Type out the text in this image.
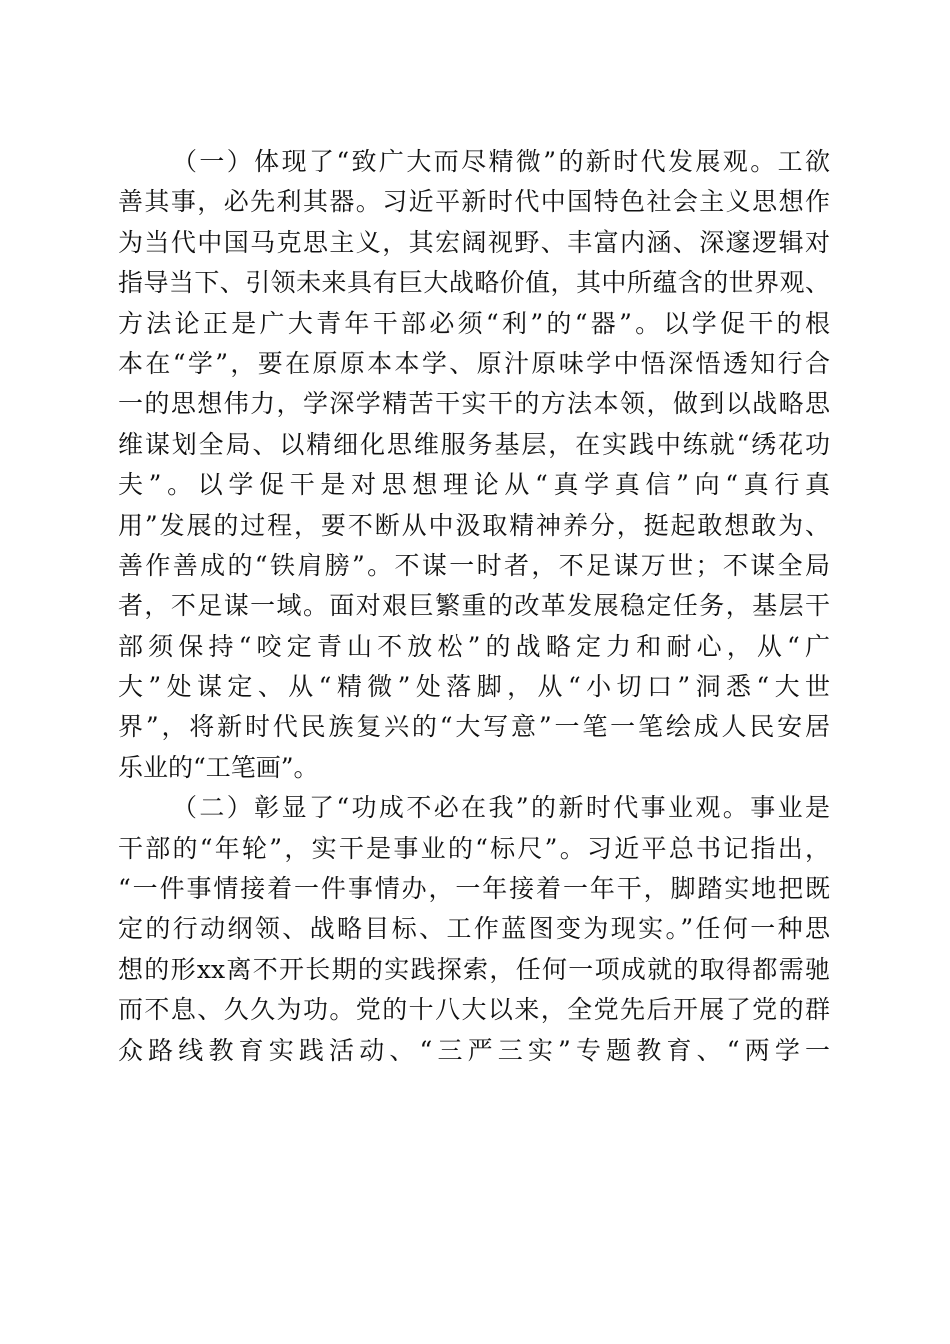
（一）体现了“致广大而尽精微”的新时代发展观。工欲
善其事，必先利其器。习近平新时代中国特色社会主义思想作
为当代中国马克思主义，其宏阔视野、丰富内涵、深邃逻辑对
指导当下、引领未来具有巨大战略价值，其中所蕴含的世界观、
方法论正是广大青年干部必须“利”的“器”。以学促干的根
本在“学”，要在原原本本学、原汁原味学中悟深悟透知行合
一的思想伟力，学深学精苦干实干的方法本领，做到以战略思
维谋划全局、以精细化思维服务基层，在实践中练就“绣花功
夫”。以学促干是对思想理论从“真学真信”向“真行真
用”发展的过程，要不断从中汲取精神养分，挺起敢想敢为、
善作善成的“铁肩膀”。不谋一时者，不足谋万世；不谋全局
者，不足谋一域。面对艰巨繁重的改革发展稳定任务，基层干
部须保持“咬定青山不放松”的战略定力和耐心，从“广
大”处谋定、从“精微”处落脚，从“小切口”洞悉“大世
界”，将新时代民族复兴的“大写意”一笔一笔绘成人民安居
乐业的“工笔画”。
（二）彰显了“功成不必在我”的新时代事业观。事业是
干部的“年轮”，实干是事业的“标尺”。习近平总书记指出，
“一件事情接着一件事情办，一年接着一年干，脚踏实地把既
定的行动纲领、战略目标、工作蓝图变为现实。”任何一种思
想的形xx离不开长期的实践探索，任何一项成就的取得都需驰
而不息、久久为功。党的十八大以来，全党先后开展了党的群
众路线教育实践活动、“三严三实”专题教育、“两学一
